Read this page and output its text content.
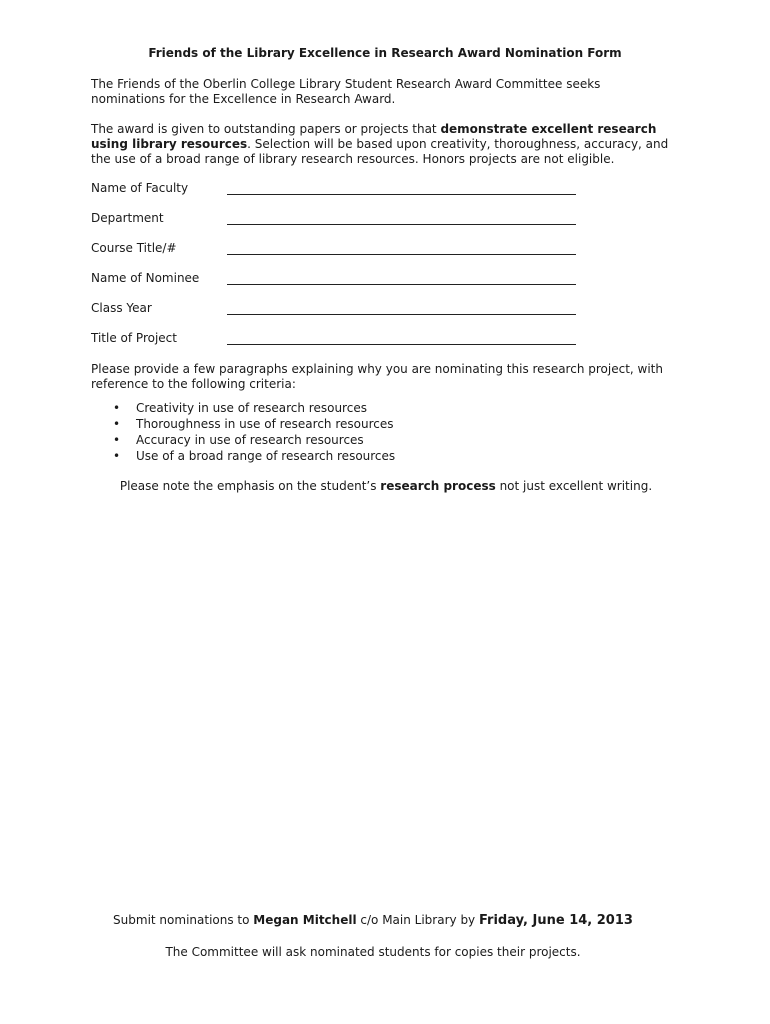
Friends of the Library Excellence in Research Award Nomination Form
The Friends of the Oberlin College Library Student Research Award Committee seeks nominations for the Excellence in Research Award.
The award is given to outstanding papers or projects that demonstrate excellent research using library resources. Selection will be based upon creativity, thoroughness, accuracy, and the use of a broad range of library research resources. Honors projects are not eligible.
Name of Faculty
Department
Course Title/#
Name of Nominee
Class Year
Title of Project
Please provide a few paragraphs explaining why you are nominating this research project, with reference to the following criteria:
• Creativity in use of research resources
• Thoroughness in use of research resources
• Accuracy in use of research resources
• Use of a broad range of research resources
Please note the emphasis on the student’s research process not just excellent writing.
Submit nominations to Megan Mitchell c/o Main Library by Friday, June 14, 2013
The Committee will ask nominated students for copies their projects.
